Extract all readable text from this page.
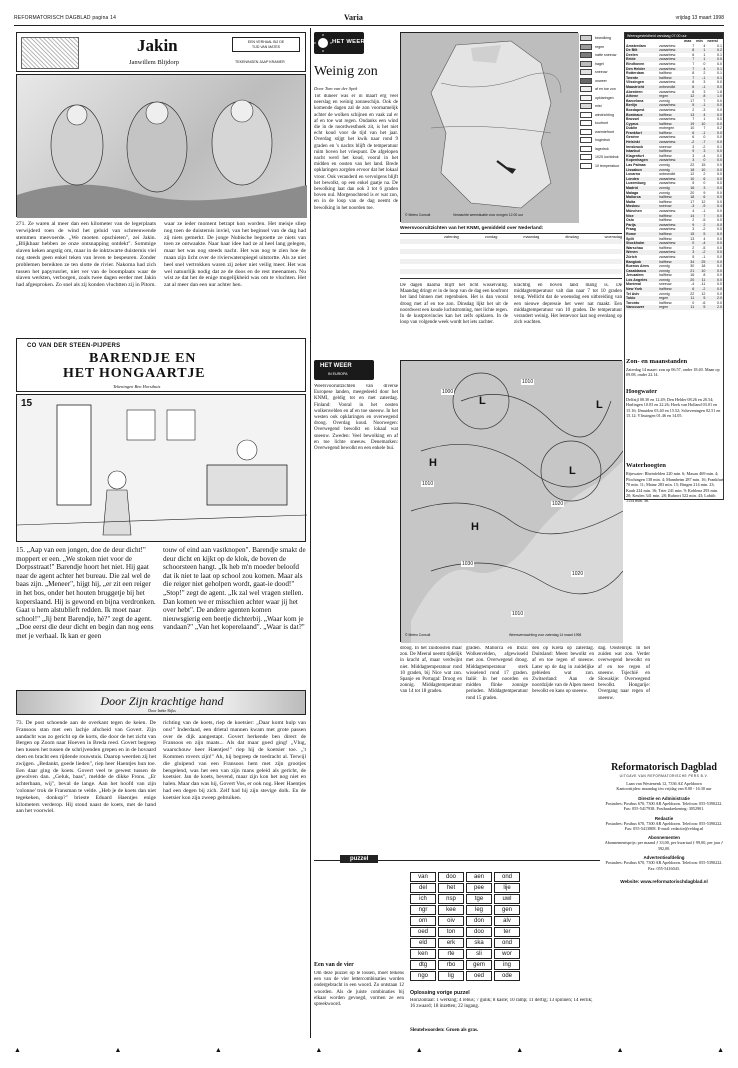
REFORMATORISCH DAGBLAD pagina 14	Varia	vrijdag 13 maart 1998
Jakin
Janwillem Blijdorp
EEN VERHAAL BIJ DE
TIJD VAN MATES
TEKENINGEN JAAP KRAMER
271. Ze waren al meer dan een kilometer van de legerplaats verwijderd toen de wind het geluid van schreeuwende stemmen meevoerde. „We moeten opschieten", zei Jakin. „Blijkbaar hebben ze onze ontsnapping ontdekt". Sommige slaven keken angstig om, maar in de inktzwarte duisternis viel nog steeds geen enkel teken van leven te bespeuren. Zonder problemen bereikten ze ten slotte de rivier. Nakoma had zich tussen het papyrusriet, niet ver van de boomplaats waar de slaven werkten, verborgen, zoals twee dagen eerder met Jakin had afgesproken. Zo snel als zij konden vluchtten zij in Pitom.
waar ze ieder moment betrapt kon worden. Het meisje sliep nog toen de duisternis inviel, van het beginsel van de dag had zij niets gemerkt. De jonge Nubische begroette ze niets van toen ze ontwaakte. Naar haar idee had ze al heel lang gelegen, maar het was nog steeds nacht. Het was nog te zien hoe de maan zijn licht over de rivierwaterspiegel uitstortte. Als ze niet heel snel vertrokken waren zij zeker niet veilig meer. Het was wel natuurlijk nodig dat ze de doos en de rest meenamen. Nu wist ze dat het de enige mogelijkheid was om te vluchten. Het zat al meer dan een uur achter hen.
CO VAN DER STEEN-PIJPERS
BARENDJE EN
HET HONGAARTJE
Tekeningen Ben Horsthuis
15
15. „Aap van een jongen, doe de deur dicht!" moppert er een. „We stoken niet voor de Dorpsstraat!" Barendje hoort het niet. Hij gaat naar de agent achter het bureau. Die zal wel de baas zijn. „Meneer", hijgt hij, „er zit een reiger in het bos, onder het houten bruggetje bij het koperslaand. Hij is gewond en bijna verdronken. Gaat u hem alstublieft redden. Ik moet naar school!" „Jij bent Barendje, hè?" zegt de agent. „Doe eerst die deur dicht en begin dan nog eens met je verhaal. Ik kan er geen
touw of eind aan vastknopen". Barendje smakt de deur dicht en kijkt op de klok, de boven de schoorsteen hangt. „Ik heb m'n moeder beloofd dat ik niet te laat op school zou komen. Maar als die reiger niet geholpen wordt, gaat-ie dood!" „Stop!" zegt de agent. „Ik zal wel vragen stellen. Dan komen we er misschien achter waar jij het over hebt". De andere agenten komen nieuwsgierig een beetje dichterbij. „Waar kom je vandaan?" „Van het koperelaand". „Waar is dat?"
Door Zijn krachtige hand
Door Ineke Rijks
73. De post schoende aan de overkant tegen de keien. De Fransoos stan met een lachje afscheid van Govert. Zijn aandacht was zo gericht op de korts, die door de het zicht van Bergen op Zoom naar Hoeven in Breda reed. Govert begreep hen tussen het tussen de schrijvenden grepen en in de hovaard doen en bracht een rijdende rouwstuis. Daarop weerden zij het zwijgen. „Bedankt, goede lieden", riep heer Haentjes hun toe. Een daar ging de koets. Govert veel te gewest tussen de gewolven dan. „Geluk, baas", meldde de dikke Frons. „Er achterbaan, wij", beval de lange. Aan het hoofd van zijn 'colonne' trok de Fransman te velde. „Heb je de koets dan niet tegekeken, donkop?" brieste Eduard Haentjes enige kilometers verderop. Hij stond naast de koets, met de hand aan het voorwiel.
richting van de koets, riep de koetsier: „Daar komt hulp van ons!" Inderdaad, een drietal mannen kwam met grote passen over de dijk aangestapt. Govert herkende ben direct de Fransoos en zijn maats... Als dat maar goed ging! „Vlug, waarschouw heer Haentjes!" riep hij de koetsier toe. „'t Kommen rovers zijn!" Ah, hij begreep de toedracht al. Terwijl die gluipend van een Fransoos hem met zijn grootjes bengelend, was het een van zijn mans geleid als gericht, de koetsier. Jan de koets, bevend, maar zijn kon het nog niet en halen. Maar dan was hij, Govert Vos, er ook nog. Heer Haentjes had een degen bij zich. Zelf had hij zijn stevige dolk. En de koetsier kon zijn zweep gebruiken.
HET WEER
Weinig zon
Door Tom van der Spek
Tot duneer was er in maart erg veel neerslag en weinig zonneschijn. Ook de komende dagen zal de zon voornamelijk achter de wolken schijnen en vaak zal er af en toe wat regen. Ondanks een wind die in de noordwesthoek zit, is het niet echt koud voor de tijd van het jaar. Overdag stijgt het kwik naar rond 9 graden en 's nachts blijft de temperatuur ruim boven het vriespunt. De afgelopen nacht werd het koud, vooral in het midden en oosten van het land. Brede opklaringen zorgden ervoor dat het lokaal vroor. Ook veranderd en vervolgens blijft het bewolkt, op een enkel gaatje na. De bewolking laat dan ook 3 tot 6 graden boven nul. Morgenochtend is er wat zon, en in de loop van de dag neemt de bewolking in het noorden toe.
© Meteo Consult	Verwachte weersituatie voor morgen 12.00 uur
bewolking
regen
natte sneeuw
hagel
sneeuw
onweer
af en toe zon
opklaringen
mist
windrichting
koufront
warmtefront
hogedruk
lagedruk
1025 luchtdruk
10 temperatuur
Weersgesteldheid vandaag 07.00 uur
		max	min	neersl
Amsterdam	zwaarbew.	7	4	0.1
De Bilt	zwaarbew.	8	1	0.2
Deelen	zwaarbew.	6	1	0.1
Eelde	zwaarbew.	7	1	0.0
Eindhoven	zwaarbew.	7	0	0.0
Den Helder	zwaarbew.	7	4	0.1
Rotterdam	halfbew.	8	2	0.1
Twente	halfbew.	7	-1	0.1
Vlissingen	zwaarbew.	8	3	0.0
Maastricht	onbewolkt	6	-1	0.0
Aberdeen	zwaarbew.	8	3	1.8
Athene	regen	12	8	1.0
Barcelona	zonnig	17	7	0.0
Berlijn	zwaarbew.	5	-1	0.0
Boedapest	zwaarbew.	2	-3	0.0
Bordeaux	halfbew.	13	4	0.0
Brussel	zwaarbew.	7	1	0.0
Cyprus	halfbew.	19	10	0.0
Dublin	motregen	10	7	0.2
Frankfurt	halfbew.	6	-1	0.0
Genève	zwaarbew.	6	0	0.0
Helsinki	zwaarbew.	-2	-7	0.0
Innsbruck	sneeuw	3	-2	0.1
Istanbul	halfbew.	9	3	0.0
Klagenfurt	halfbew.	3	-4	0.0
Kopenhagen	zwaarbew.	3	0	0.0
Las Palmas	zonnig	22	15	0.0
Lissabon	zonnig	18	10	0.0
Locarno	onbewolkt	12	2	0.0
Londen	zwaarbew.	10	6	0.0
Luxemburg	zwaarbew.	5	0	0.0
Madrid	zonnig	16	3	0.0
Malaga	zonnig	20	9	0.0
Mallorca	halfbew.	18	6	0.0
Malta	halfbew.	17	12	0.0
Moskou	sneeuw	-3	-9	0.4
München	zwaarbew.	4	-1	0.0
Nice	halfbew.	14	7	0.0
Oslo	halfbew.	2	-5	0.0
Parijs	zwaarbew.	9	2	0.0
Praag	zwaarbew.	3	-2	0.0
Rome	halfbew.	15	5	0.0
Split	halfbew.	13	4	0.0
Stockholm	zwaarbew.	0	-4	0.0
Warschau	halfbew.	2	-5	0.0
Wenen	zwaarbew.	3	-2	0.0
Zürich	zwaarbew.	5	-1	0.0
Bangkok	halfbew.	34	25	0.0
Buenos Aires	zonnig	30	18	0.0
Casablanca	zonnig	21	10	0.0
Jeruzalem	halfbew.	16	8	0.0
Los Angeles	zonnig	20	11	0.0
Montreal	sneeuw	-4	-11	0.0
New York	halfbew.	6	-2	0.0
Tel Aviv	zonnig	22	12	0.0
Tokio	regen	11	5	2.0
Toronto	halfbew.	0	-6	0.0
Vancouver	regen	11	5	2.0
Weersvooruitzichten van het KNMI, gemiddeld over Nederland:
zaterdag	zondag	maandag	dinsdag	woensdag
De dagen daarna blijft het licht wisselvallig. Maandag dringt er in de loop van de dag een koufront het land binnen met regenbuien. Het is dan vooral droog met af en toe zon. Dinsdag lijkt het uit de noordwest een koude luchtstroming, met lichte regen. In de kustprovincies kan het zelfs opklaren. In de loop van volgende week wordt het iets zachter.
krachtig en boven land matig is. De middagtemperatuur valt dan naar 7 tot 10 graden terug. Wellicht dat de woensdag een uitbreiding van een nieuwe depressie het weer nat maakt. Een middagtemperatuur van 10 graden. De temperatuur verandert weinig. Het lentevoor laat nog evenlang op zich wachten.
HET WEER
IN EUROPA
Weersvooruitzichten van diverse Europese landen, meegedeeld door het KNMI, geldig tot en met zaterdag. Finland: Vooral in het oosten wolkenvelden en af en toe sneeuw. In het westen ook opklaringen en overwegend droog. Overdag koud. Noorwegen: Overwegend bewolkt en lokaal wat sneeuw. Zweden: Veel bewolking en af en toe lichte sneeuw. Denemarken: Overwegend bewolkt en een enkele bui.
1000
1010
1010
1020
1030
1020
1010
L
H
L
L
H
© Meteo Consult	Weersverwachting voor zaterdag 14 maart 1998
Zon- en maanstanden
Zaterdag 14 maart: zon op 06.57, onder 18.40. Maan op 09.08, onder 22.14.
Hoogwater
Delfzijl 00.30 en 12.49; Den Helder 08.26 en 20.54; Harlingen 10.03 en 22.26; Hoek van Holland 03.01 en 15.16; IJmuiden 03.40 en 15.52; Scheveningen 02.51 en 15.12; Vlissingen 01.46 en 14.05.
Waterhoogten
Rijnwater: Rheinfelden 220 min. 6; Maxau 469 min. 4; Plochingen 138 min. 4; Mannheim 287 min. 16; Frankfurt 70 min. 11; Mainz 283 min. 15; Bingen 214 min. 23; Kaub 224 min. 16; Trier 241 min. 9; Koblenz 293 min. 20; Keulen 341 min. 28; Ruhrort 522 min. 43; Lobith 1154 min. 36.
droog. In het zuidoosten maar zon. De Meeral neemt tijdelijk in kracht af, maar verdwijnt niet. Middagtemperatuur rond 10 graden, bij Nice wat zon. Spanje en Portugal: Droog en zonnig. Middagtemperatuur van 14 tot 18 graden.
graden. Mallorca en Ibiza: Wolkenvelden, afgewisseld met zon. Overwegend droog. Middagtemperatuur sterk wisselend rond 17 graden. Italië: In het noorden en midden flinke zonnige perioden. Middagtemperatuur rond 15 graden.
den op Kreta op zaterdag. Duitsland: Meest bewolkt en af en toe regen of sneeuw. Later op de dag in zuidelijke gebieden wat zon. Zwitserland: Aan de noordzijde van de Alpen meest bewolkt en kans op sneeuw.
dag. Oostenrijk: In het zuiden wat zon. Verder overwegend bewolkt en af en toe regen of sneeuw. Tsjechië en Slowakije: Overwegend bewolkt. Hongarije: Overgang naar regen of sneeuw.
Reformatorisch Dagblad
UITGAVE VAN REFORMATORISCHE PERS B.V.
Laan van Westenenk 12, 7336 AZ Apeldoorn
Kantoortijden: maandag t/m vrijdag van 8.00 - 16.30 uur
Directie en Administratie
Postadres: Postbus 670, 7300 AR Apeldoorn. Telefoon: 055-5390222. Fax: 055-5417938. Postbankrekening: 3052901.
Redactie
Postadres: Postbus 670, 7300 AR Apeldoorn. Telefoon: 055-5390222. Fax: 055-5413808. E-mail: redactie@refdag.nl
Abonnementen
Abonnementsprijs: per maand ƒ 33,00, per kwartaal ƒ 99,00, per jaar ƒ 392,00.
Advertentieafdeling
Postadres: Postbus 670, 7300 AR Apeldoorn. Telefoon: 055-5390222. Fax: 055-5416043.
Website: www.reformatorischdagblad.nl
puzzel
van	doo	aen	ond
del	het	pee	lije
ich	nsp	tge	uwl
ngr	kee	leg	gen
orn	oiv	don	alv
oed	ton	doo	ter
eld	erk	ska	ond
ken	rte	sli	wor
dtg	rbo	gem	ing
ngo	lig	oed	ode
Een van de vier
Om deze puzzel op te lossen, moet telkens een van de vier lettercombinaties worden ondergebracht in een woord. Zo ontstaan 12 woorden. Als de juiste combinaties bij elkaar worden gevoegd, vormen ze een spreekwoord.
Oplossing vorige puzzel
Horizontaal: 1 werking; 4 rebus; 7 gulik; 8 kaste; 10 ramp; 11 dertig; 13 spinnen; 14 eerlik; 16 zwaard; 18 inzetten; 22 ingang.
Sleutelwoorden: Groen als gras.
▲	▲	▲	▲	▲	▲	▲	▲
